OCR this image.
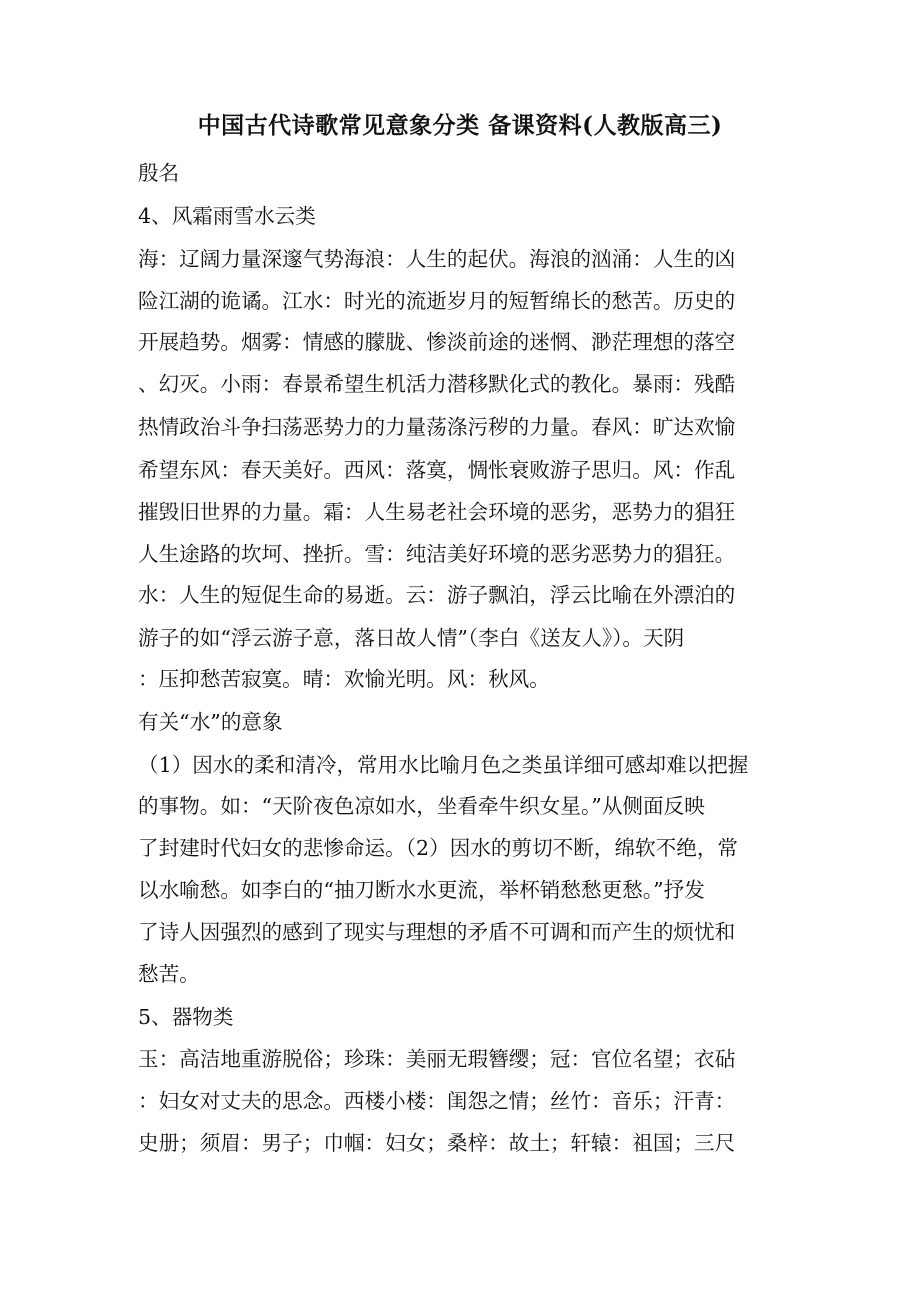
中国古代诗歌常见意象分类 备课资料(人教版高三)
殷名
4、风霜雨雪水云类
海：辽阔力量深邃气势海浪：人生的起伏。海浪的汹涌：人生的凶
险江湖的诡谲。江水：时光的流逝岁月的短暂绵长的愁苦。历史的
开展趋势。烟雾：情感的朦胧、惨淡前途的迷惘、渺茫理想的落空
、幻灭。小雨：春景希望生机活力潜移默化式的教化。暴雨：残酷
热情政治斗争扫荡恶势力的力量荡涤污秽的力量。春风：旷达欢愉
希望东风：春天美好。西风：落寞，惆怅衰败游子思归。风：作乱
摧毁旧世界的力量。霜：人生易老社会环境的恶劣，恶势力的猖狂
人生途路的坎坷、挫折。雪：纯洁美好环境的恶劣恶势力的猖狂。
水：人生的短促生命的易逝。云：游子飘泊，浮云比喻在外漂泊的
游子的如“浮云游子意，落日故人情”（李白《送友人》）。天阴
：压抑愁苦寂寞。晴：欢愉光明。风：秋风。
有关“水”的意象
（1）因水的柔和清冷，常用水比喻月色之类虽详细可感却难以把握
的事物。如：“天阶夜色凉如水，坐看牵牛织女星。”从侧面反映
了封建时代妇女的悲惨命运。（2）因水的剪切不断，绵软不绝，常
以水喻愁。如李白的“抽刀断水水更流，举杯销愁愁更愁。”抒发
了诗人因强烈的感到了现实与理想的矛盾不可调和而产生的烦忧和
愁苦。
5、器物类
玉：高洁地重游脱俗；珍珠：美丽无瑕簪缨；冠：官位名望；衣砧
：妇女对丈夫的思念。西楼小楼：闺怨之情；丝竹：音乐；汗青：
史册；须眉：男子；巾帼：妇女；桑梓：故土；轩辕：祖国；三尺
